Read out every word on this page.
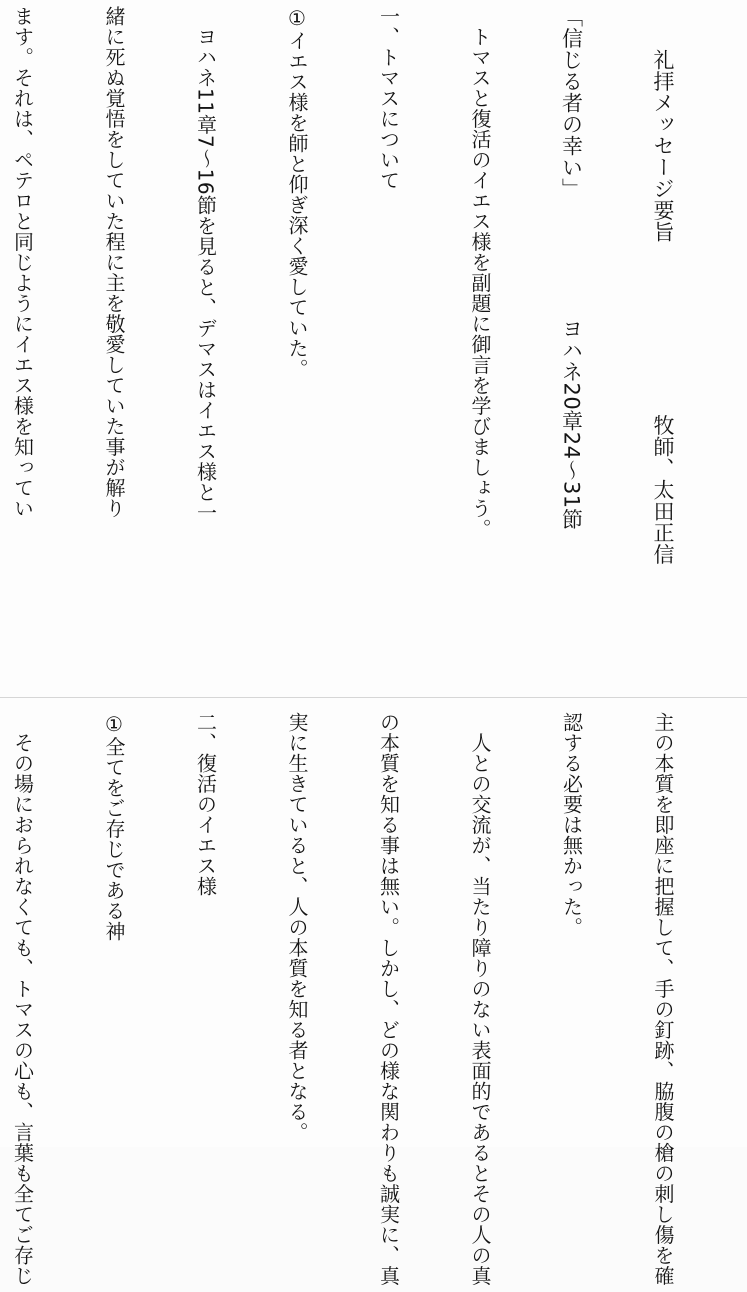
　　礼拝メッセージ要旨　　　　　　　　牧師、太田正信

「信じる者の幸い」　　　　　　ヨハネ20章24～31節

　トマスと復活のイエス様を副題に御言を学びましょう。

一、トマスについて

①イエス様を師と仰ぎ深く愛していた。

　ヨハネ11章7～16節を見ると、デマスはイエス様と一

緒に死ぬ覚悟をしていた程に主を敬愛していた事が解り

ます。それは、ペテロと同じようにイエス様を知ってい

主の本質を即座に把握して、手の釘跡、脇腹の槍の刺し傷を確

認する必要は無かった。

　人との交流が、当たり障りのない表面的であるとその人の真

の本質を知る事は無い。しかし、どの様な関わりも誠実に、真

実に生きていると、人の本質を知る者となる。

二、復活のイエス様

①全てをご存じである神

　その場におられなくても、トマスの心も、言葉も全てご存じ
